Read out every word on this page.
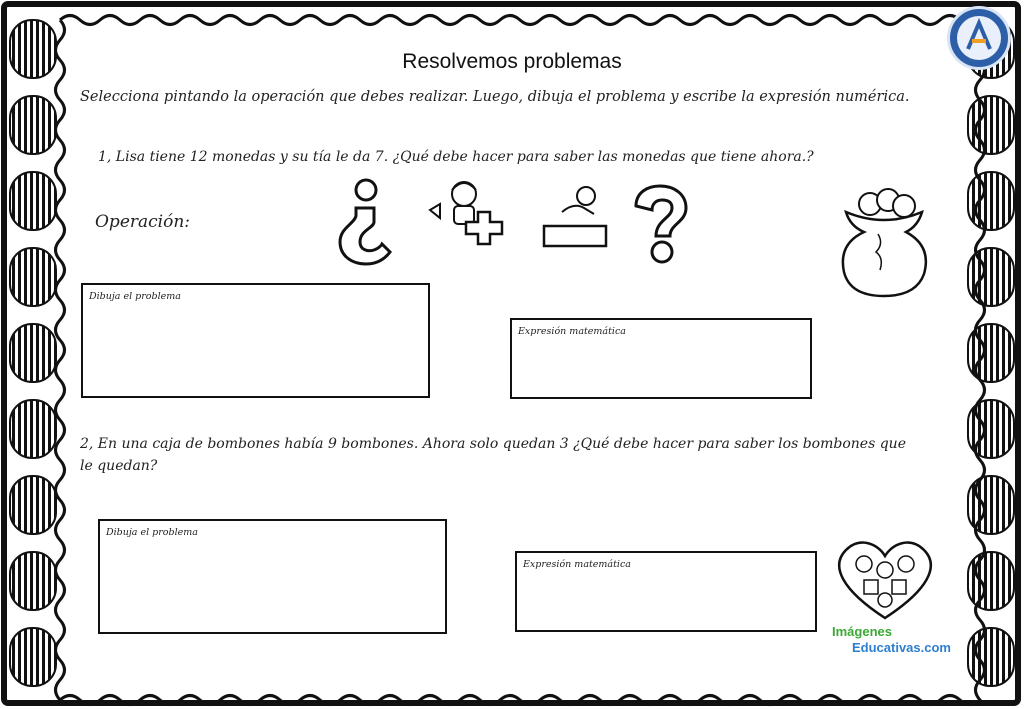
Resolvemos problemas
Selecciona pintando la operación que debes realizar. Luego, dibuja el problema y escribe la expresión numérica.
1, Lisa tiene 12 monedas y su tía le da 7. ¿Qué debe hacer para saber las monedas que tiene ahora.?
Operación:
Dibuja el problema
Expresión matemática
2, En una caja de bombones había 9 bombones. Ahora solo quedan 3 ¿Qué debe hacer para saber los bombones que le quedan?
Dibuja el problema
Expresión matemática
Imágenes
Educativas.com
